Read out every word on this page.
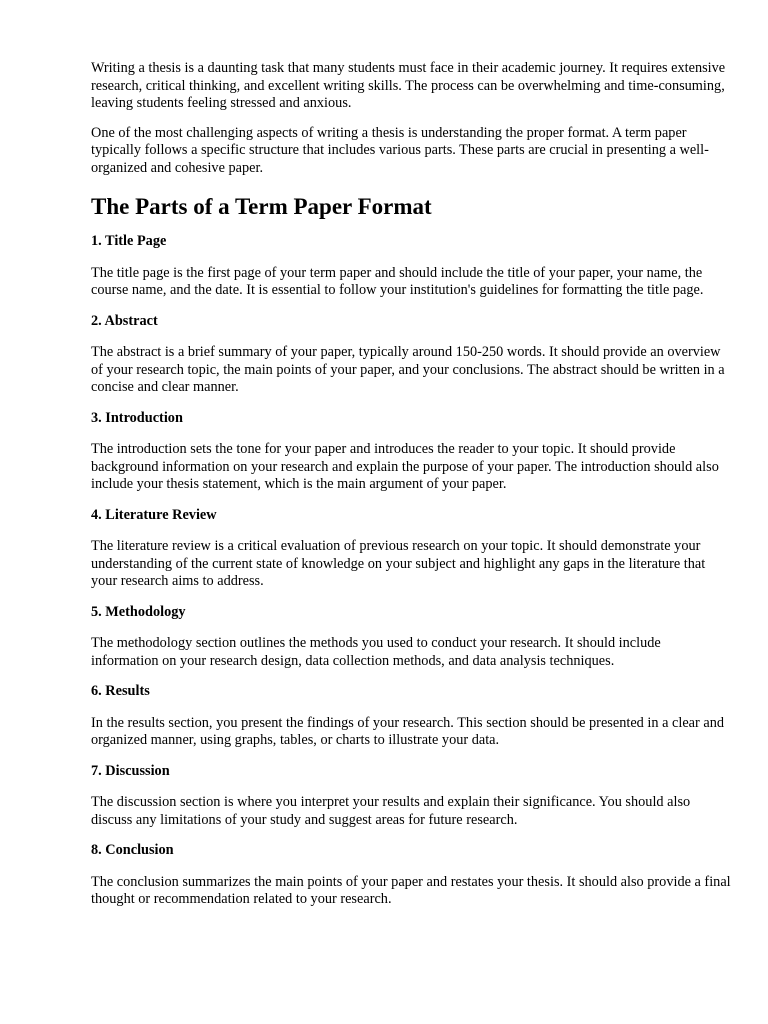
Writing a thesis is a daunting task that many students must face in their academic journey. It requires extensive research, critical thinking, and excellent writing skills. The process can be overwhelming and time-consuming, leaving students feeling stressed and anxious.

One of the most challenging aspects of writing a thesis is understanding the proper format. A term paper typically follows a specific structure that includes various parts. These parts are crucial in presenting a well-organized and cohesive paper.

The Parts of a Term Paper Format
1. Title Page

The title page is the first page of your term paper and should include the title of your paper, your name, the course name, and the date. It is essential to follow your institution's guidelines for formatting the title page.

2. Abstract

The abstract is a brief summary of your paper, typically around 150-250 words. It should provide an overview of your research topic, the main points of your paper, and your conclusions. The abstract should be written in a concise and clear manner.

3. Introduction

The introduction sets the tone for your paper and introduces the reader to your topic. It should provide background information on your research and explain the purpose of your paper. The introduction should also include your thesis statement, which is the main argument of your paper.

4. Literature Review

The literature review is a critical evaluation of previous research on your topic. It should demonstrate your understanding of the current state of knowledge on your subject and highlight any gaps in the literature that your research aims to address.

5. Methodology

The methodology section outlines the methods you used to conduct your research. It should include information on your research design, data collection methods, and data analysis techniques.

6. Results

In the results section, you present the findings of your research. This section should be presented in a clear and organized manner, using graphs, tables, or charts to illustrate your data.

7. Discussion

The discussion section is where you interpret your results and explain their significance. You should also discuss any limitations of your study and suggest areas for future research.

8. Conclusion

The conclusion summarizes the main points of your paper and restates your thesis. It should also provide a final thought or recommendation related to your research.
